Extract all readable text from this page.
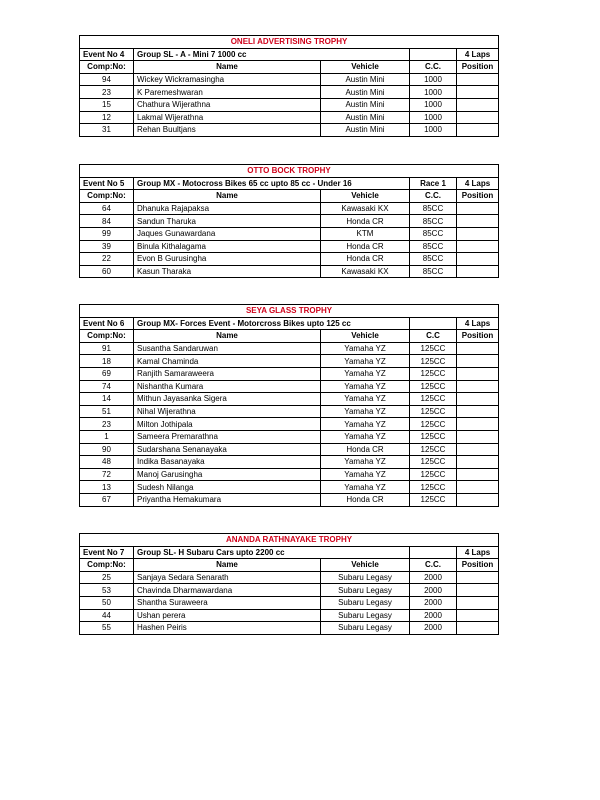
ONELI ADVERTISING TROPHY				
Event No 4	Group SL - A - Mini 7 1000 cc			4 Laps
Comp:No:	Name	Vehicle	C.C.	Position
94	Wickey Wickramasingha	Austin Mini	1000	
23	K Paremeshwaran	Austin Mini	1000	
15	Chathura Wijerathna	Austin Mini	1000	
12	Lakmal Wijerathna	Austin Mini	1000	
31	Rehan Buultjans	Austin Mini	1000	
OTTO BOCK TROPHY				
Event No 5	Group MX - Motocross Bikes 65 cc upto 85 cc - Under 16		Race 1	4 Laps
Comp:No:	Name	Vehicle	C.C.	Position
64	Dhanuka Rajapaksa	Kawasaki KX	85CC	
84	Sandun Tharuka	Honda CR	85CC	
99	Jaques Gunawardana	KTM	85CC	
39	Binula Kithalagama	Honda CR	85CC	
22	Evon B Gurusingha	Honda CR	85CC	
60	Kasun Tharaka	Kawasaki KX	85CC	
SEYA GLASS TROPHY				
Event No 6	Group MX- Forces Event - Motorcross Bikes upto 125 cc			4 Laps
Comp:No:	Name	Vehicle	C.C	Position
91	Susantha Sandaruwan	Yamaha YZ	125CC	
18	Kamal Chaminda	Yamaha YZ	125CC	
69	Ranjith Samaraweera	Yamaha YZ	125CC	
74	Nishantha Kumara	Yamaha YZ	125CC	
14	Mithun Jayasanka Sigera	Yamaha YZ	125CC	
51	Nihal Wijerathna	Yamaha YZ	125CC	
23	Milton Jothipala	Yamaha YZ	125CC	
1	Sameera Premarathna	Yamaha YZ	125CC	
90	Sudarshana Senanayaka	Honda CR	125CC	
48	Indika Basanayaka	Yamaha YZ	125CC	
72	Manoj Garusingha	Yamaha YZ	125CC	
13	Sudesh Nilanga	Yamaha YZ	125CC	
67	Priyantha Hemakumara	Honda CR	125CC	
ANANDA RATHNAYAKE TROPHY				
Event No 7	Group SL- H Subaru Cars upto 2200 cc			4 Laps
Comp:No:	Name	Vehicle	C.C.	Position
25	Sanjaya Sedara Senarath	Subaru Legasy	2000	
53	Chavinda Dharmawardana	Subaru Legasy	2000	
50	Shantha Suraweera	Subaru Legasy	2000	
44	Ushan perera	Subaru Legasy	2000	
55	Hashen Peiris	Subaru Legasy	2000	
